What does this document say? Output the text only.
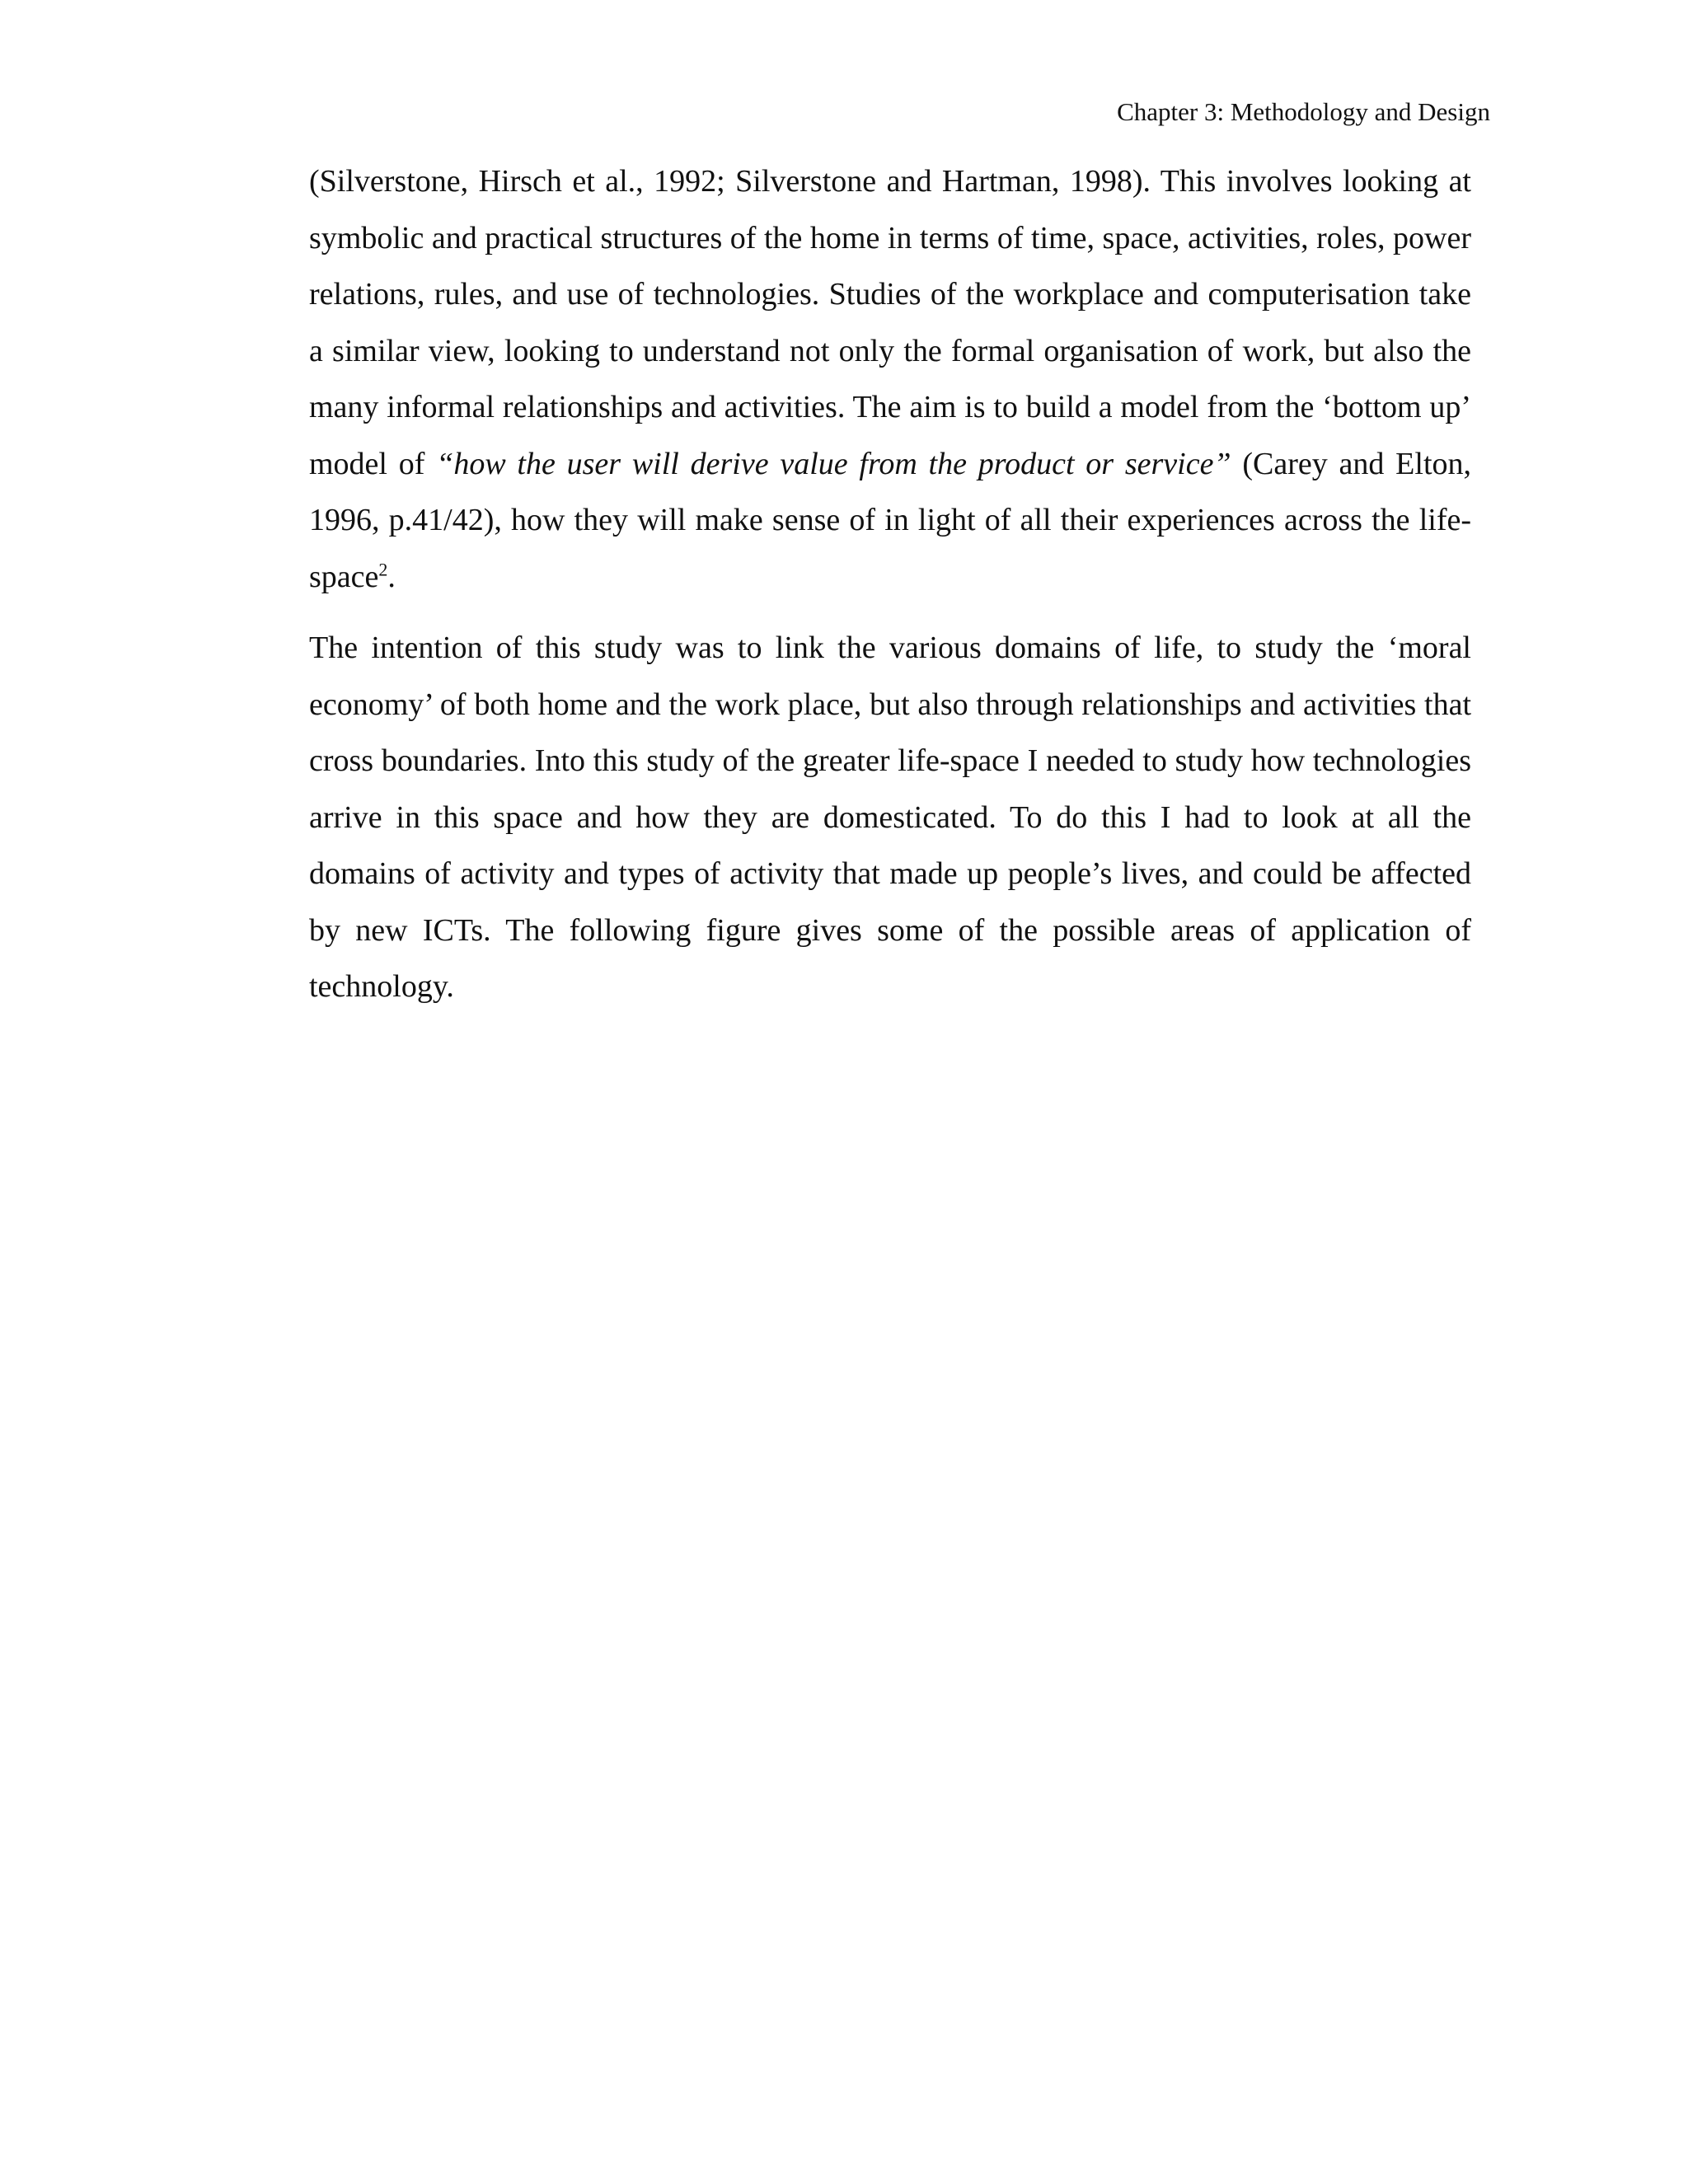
Chapter 3: Methodology and Design

(Silverstone, Hirsch et al., 1992; Silverstone and Hartman, 1998). This involves looking at symbolic and practical structures of the home in terms of time, space, activities, roles, power relations, rules, and use of technologies. Studies of the workplace and computerisation take a similar view, looking to understand not only the formal organisation of work, but also the many informal relationships and activities. The aim is to build a model from the ‘bottom up’ model of “how the user will derive value from the product or service” (Carey and Elton, 1996, p.41/42), how they will make sense of in light of all their experiences across the life-space$^2$.

The intention of this study was to link the various domains of life, to study the ‘moral economy’ of both home and the work place, but also through relationships and activities that cross boundaries. Into this study of the greater life-space I needed to study how technologies arrive in this space and how they are domesticated. To do this I had to look at all the domains of activity and types of activity that made up people’s lives, and could be affected by new ICTs. The following figure gives some of the possible areas of application of technology.
